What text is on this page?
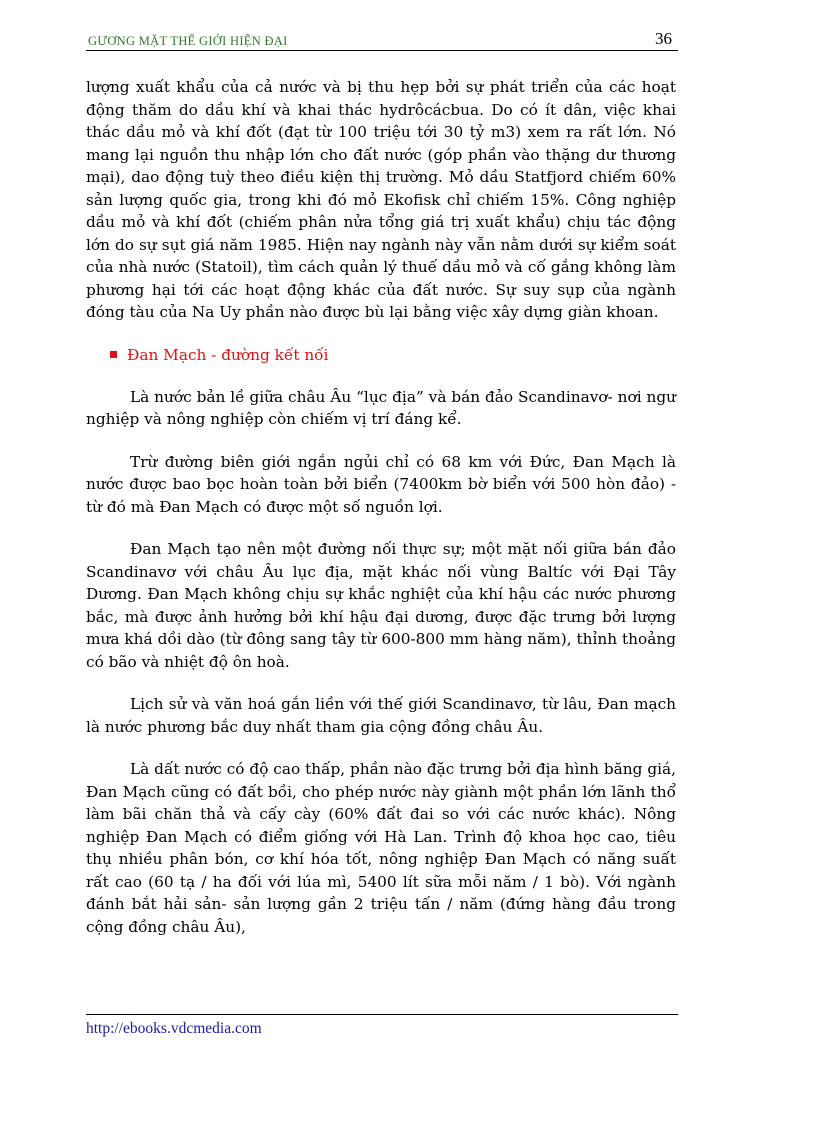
GƯƠNG MẶT THẾ GIỚI HIỆN ĐẠI	36

lượng xuất khẩu của cả nước và bị thu hẹp bởi sự phát triển của các hoạt động thăm do dầu khí và khai thác hydrôcácbua. Do có ít dân, việc khai thác dầu mỏ và khí đốt (đạt từ 100 triệu tới 30 tỷ m3) xem ra rất lớn. Nó mang lại nguồn thu nhập lớn cho đất nước (góp phần vào thặng dư thương mại), dao động tuỳ theo điều kiện thị trường. Mỏ dầu Statfjord chiếm 60% sản lượng quốc gia, trong khi đó mỏ Ekofisk chỉ chiếm 15%. Công nghiệp dầu mỏ và khí đốt (chiếm phân nửa tổng giá trị xuất khẩu) chịu tác động lớn do sự sụt giá năm 1985. Hiện nay ngành này vẫn nằm dưới sự kiểm soát của nhà nước (Statoil), tìm cách quản lý thuế dầu mỏ và cố gắng không làm phương hại tới các hoạt động khác của đất nước. Sự suy sụp của ngành đóng tàu của Na Uy phần nào được bù lại bằng việc xây dựng giàn khoan.

Đan Mạch - đường kết nối

Là nước bản lề giữa châu Âu “lục địa” và bán đảo Scandinavơ- nơi ngư nghiệp và nông nghiệp còn chiếm vị trí đáng kể.

Trừ đường biên giới ngắn ngủi chỉ có 68 km với Đức, Đan Mạch là nước được bao bọc hoàn toàn bởi biển (7400km bờ biển với 500 hòn đảo) - từ đó mà Đan Mạch có được một số nguồn lợi.

Đan Mạch tạo nên một đường nối thực sự; một mặt nối giữa bán đảo Scandinavơ với châu Âu lục địa, mặt khác nối vùng Baltíc với Đại Tây Dương. Đan Mạch không chịu sự khắc nghiệt của khí hậu các nước phương bắc, mà được ảnh hưởng bởi khí hậu đại dương, được đặc trưng bởi lượng mưa khá dồi dào (từ đông sang tây từ 600-800 mm hàng năm), thỉnh thoảng có bão và nhiệt độ ôn hoà.

Lịch sử và văn hoá gắn liền với thế giới Scandinavơ, từ lâu, Đan mạch là nước phương bắc duy nhất tham gia cộng đồng châu Âu.

Là dất nước có độ cao thấp, phần nào đặc trưng bởi địa hình băng giá, Đan Mạch cũng có đất bồi, cho phép nước này giành một phần lớn lãnh thổ làm bãi chăn thả và cấy cày (60% đất đai so với các nước khác). Nông nghiệp Đan Mạch có điểm giống với Hà Lan. Trình độ khoa học cao, tiêu thụ nhiều phân bón, cơ khí hóa tốt, nông nghiệp Đan Mạch có năng suất rất cao (60 tạ / ha đối với lúa mì, 5400 lít sữa mỗi năm / 1 bò). Với ngành đánh bắt hải sản- sản lượng gần 2 triệu tấn / năm (đứng hàng đầu trong cộng đồng châu Âu),

http://ebooks.vdcmedia.com
